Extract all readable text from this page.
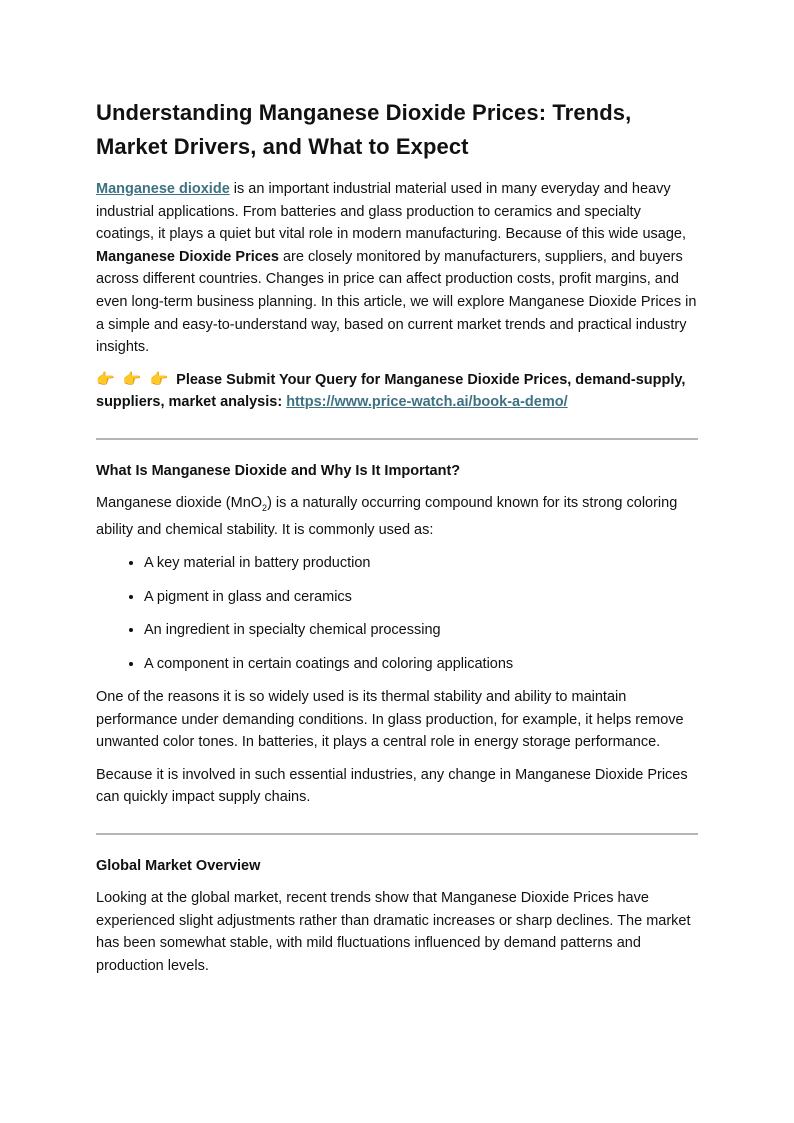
Understanding Manganese Dioxide Prices: Trends, Market Drivers, and What to Expect

Manganese dioxide is an important industrial material used in many everyday and heavy industrial applications. From batteries and glass production to ceramics and specialty coatings, it plays a quiet but vital role in modern manufacturing. Because of this wide usage, Manganese Dioxide Prices are closely monitored by manufacturers, suppliers, and buyers across different countries. Changes in price can affect production costs, profit margins, and even long-term business planning. In this article, we will explore Manganese Dioxide Prices in a simple and easy-to-understand way, based on current market trends and practical industry insights.

👉 👉 👉 Please Submit Your Query for Manganese Dioxide Prices, demand-supply, suppliers, market analysis: https://www.price-watch.ai/book-a-demo/

What Is Manganese Dioxide and Why Is It Important?

Manganese dioxide (MnO$_2$) is a naturally occurring compound known for its strong coloring ability and chemical stability. It is commonly used as:

• A key material in battery production
• A pigment in glass and ceramics
• An ingredient in specialty chemical processing
• A component in certain coatings and coloring applications

One of the reasons it is so widely used is its thermal stability and ability to maintain performance under demanding conditions. In glass production, for example, it helps remove unwanted color tones. In batteries, it plays a central role in energy storage performance.

Because it is involved in such essential industries, any change in Manganese Dioxide Prices can quickly impact supply chains.

Global Market Overview

Looking at the global market, recent trends show that Manganese Dioxide Prices have experienced slight adjustments rather than dramatic increases or sharp declines. The market has been somewhat stable, with mild fluctuations influenced by demand patterns and production levels.
